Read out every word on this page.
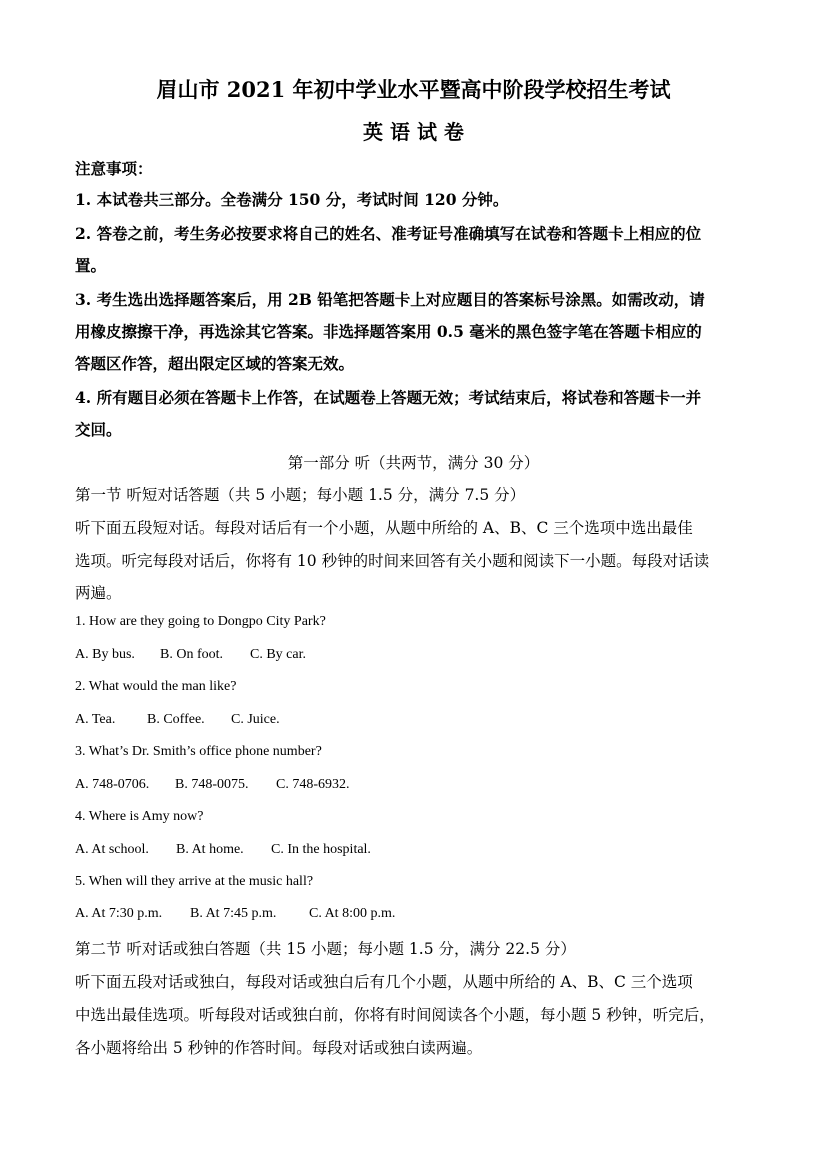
眉山市 2021 年初中学业水平暨高中阶段学校招生考试
英 语 试 卷
注意事项：
1. 本试卷共三部分。全卷满分 150 分，考试时间 120 分钟。
2. 答卷之前，考生务必按要求将自己的姓名、准考证号准确填写在试卷和答题卡上相应的位
置。
3. 考生选出选择题答案后，用 2B 铅笔把答题卡上对应题目的答案标号涂黑。如需改动，请
用橡皮擦擦干净，再选涂其它答案。非选择题答案用 0.5 毫米的黑色签字笔在答题卡相应的
答题区作答，超出限定区域的答案无效。
4. 所有题目必须在答题卡上作答，在试题卷上答题无效；考试结束后，将试卷和答题卡一并
交回。
第一部分 听（共两节，满分 30 分）
第一节 听短对话答题（共 5 小题；每小题 1.5 分，满分 7.5 分）
听下面五段短对话。每段对话后有一个小题，从题中所给的 A、B、C 三个选项中选出最佳
选项。听完每段对话后，你将有 10 秒钟的时间来回答有关小题和阅读下一小题。每段对话读
两遍。
1. How are they going to Dongpo City Park?
A. By bus. B. On foot. C. By car.
2. What would the man like?
A. Tea. B. Coffee. C. Juice.
3. What’s Dr. Smith’s office phone number?
A. 748-0706. B. 748-0075. C. 748-6932.
4. Where is Amy now?
A. At school. B. At home. C. In the hospital.
5. When will they arrive at the music hall?
A. At 7:30 p.m. B. At 7:45 p.m. C. At 8:00 p.m.
第二节 听对话或独白答题（共 15 小题；每小题 1.5 分，满分 22.5 分）
听下面五段对话或独白，每段对话或独白后有几个小题，从题中所给的 A、B、C 三个选项
中选出最佳选项。听每段对话或独白前，你将有时间阅读各个小题，每小题 5 秒钟，听完后，
各小题将给出 5 秒钟的作答时间。每段对话或独白读两遍。
